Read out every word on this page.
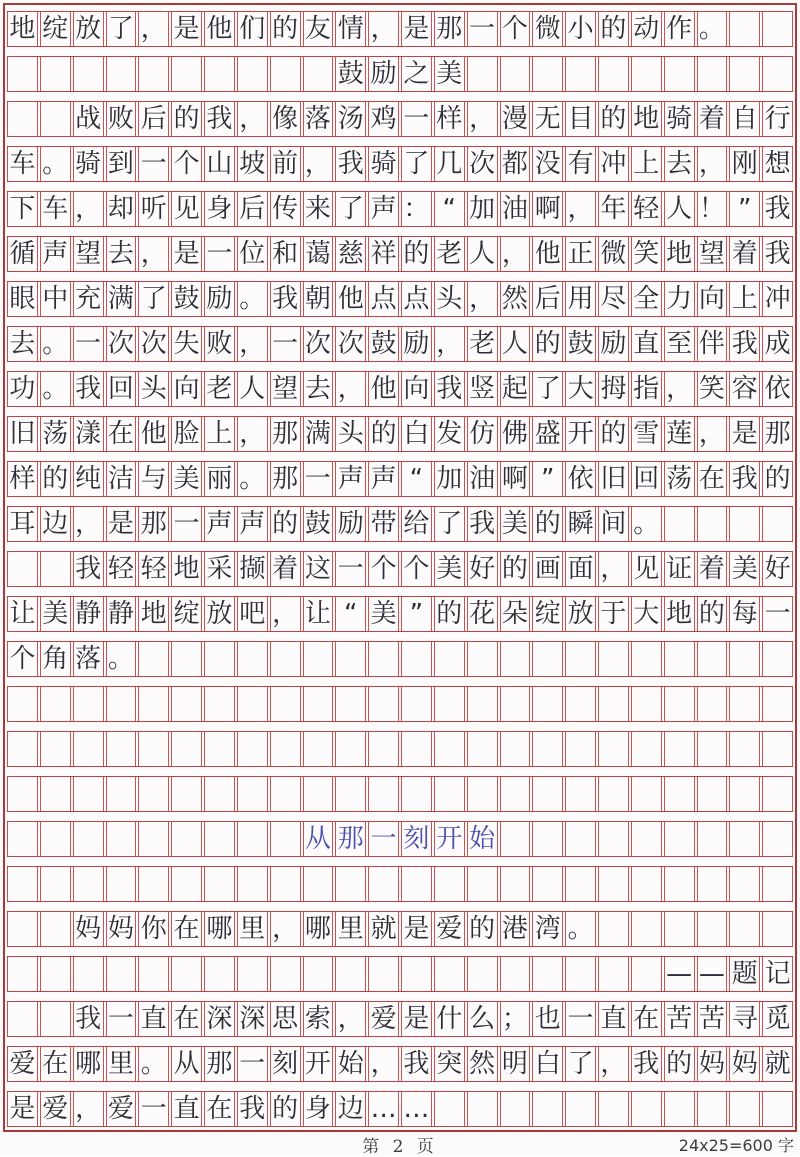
地 绽 放 了 ， 是 他 们 的 友 情 ， 是 那 一 个 微 小 的 动 作 。
鼓 励 之 美
战 败 后 的 我 ， 像 落 汤 鸡 一 样 ， 漫 无 目 的 地 骑 着 自 行
车 。 骑 到 一 个 山 坡 前 ， 我 骑 了 几 次 都 没 有 冲 上 去 ， 刚 想
下 车 ， 却 听 见 身 后 传 来 了 声 ： “ 加 油 啊 ， 年 轻 人 ！ ” 我
循 声 望 去 ， 是 一 位 和 蔼 慈 祥 的 老 人 ， 他 正 微 笑 地 望 着 我
眼 中 充 满 了 鼓 励 。 我 朝 他 点 点 头 ， 然 后 用 尽 全 力 向 上 冲
去 。 一 次 次 失 败 ， 一 次 次 鼓 励 ， 老 人 的 鼓 励 直 至 伴 我 成
功 。 我 回 头 向 老 人 望 去 ， 他 向 我 竖 起 了 大 拇 指 ， 笑 容 依
旧 荡 漾 在 他 脸 上 ， 那 满 头 的 白 发 仿 佛 盛 开 的 雪 莲 ， 是 那
样 的 纯 洁 与 美 丽 。 那 一 声 声 “ 加 油 啊 ” 依 旧 回 荡 在 我 的
耳 边 ， 是 那 一 声 声 的 鼓 励 带 给 了 我 美 的 瞬 间 。
我 轻 轻 地 采 撷 着 这 一 个 个 美 好 的 画 面 ， 见 证 着 美 好
让 美 静 静 地 绽 放 吧 ， 让 “ 美 ” 的 花 朵 绽 放 于 大 地 的 每 一
个 角 落 。
从 那 一 刻 开 始
妈 妈 你 在 哪 里 ， 哪 里 就 是 爱 的 港 湾 。
— — 题 记
我 一 直 在 深 深 思 索 ， 爱 是 什 么 ； 也 一 直 在 苦 苦 寻 觅
爱 在 哪 里 。 从 那 一 刻 开 始 ， 我 突 然 明 白 了 ， 我 的 妈 妈 就
是 爱 ， 爱 一 直 在 我 的 身 边 … …
第 2 页	24x25=600 字
